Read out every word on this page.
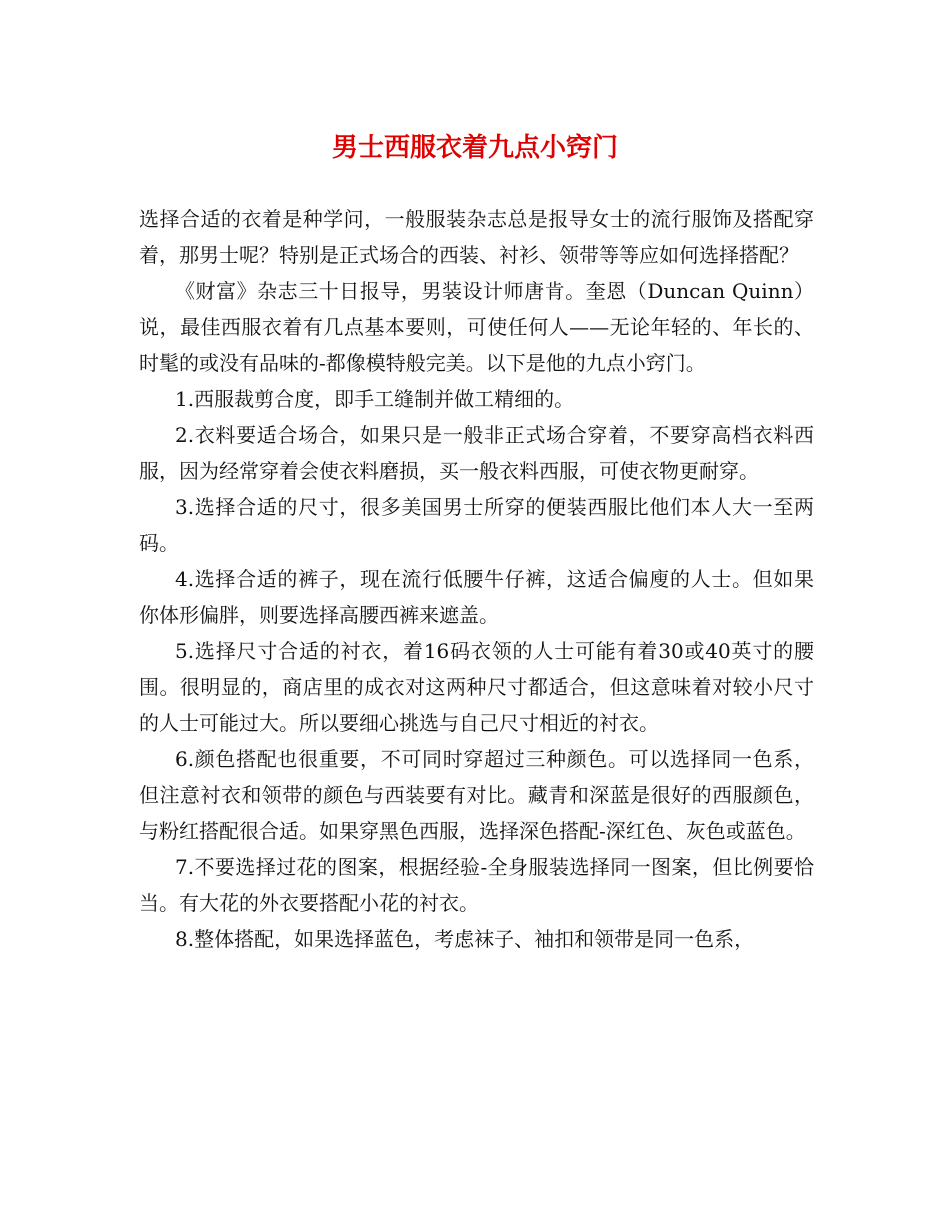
男士西服衣着九点小窍门

选择合适的衣着是种学问，一般服装杂志总是报导女士的流行服饰及搭配穿着，那男士呢？特别是正式场合的西装、衬衫、领带等等应如何选择搭配？

《财富》杂志三十日报导，男装设计师唐肯。奎恩（Duncan Quinn）说，最佳西服衣着有几点基本要则，可使任何人——无论年轻的、年长的、时髦的或没有品味的-都像模特般完美。以下是他的九点小窍门。

1.西服裁剪合度，即手工缝制并做工精细的。

2.衣料要适合场合，如果只是一般非正式场合穿着，不要穿高档衣料西服，因为经常穿着会使衣料磨损，买一般衣料西服，可使衣物更耐穿。

3.选择合适的尺寸，很多美国男士所穿的便装西服比他们本人大一至两码。

4.选择合适的裤子，现在流行低腰牛仔裤，这适合偏廋的人士。但如果你体形偏胖，则要选择高腰西裤来遮盖。

5.选择尺寸合适的衬衣，着16码衣领的人士可能有着30或40英寸的腰围。很明显的，商店里的成衣对这两种尺寸都适合，但这意味着对较小尺寸的人士可能过大。所以要细心挑选与自己尺寸相近的衬衣。

6.颜色搭配也很重要，不可同时穿超过三种颜色。可以选择同一色系，但注意衬衣和领带的颜色与西装要有对比。藏青和深蓝是很好的西服颜色，与粉红搭配很合适。如果穿黑色西服，选择深色搭配-深红色、灰色或蓝色。

7.不要选择过花的图案，根据经验-全身服装选择同一图案，但比例要恰当。有大花的外衣要搭配小花的衬衣。

8.整体搭配，如果选择蓝色，考虑袜子、袖扣和领带是同一色系，
